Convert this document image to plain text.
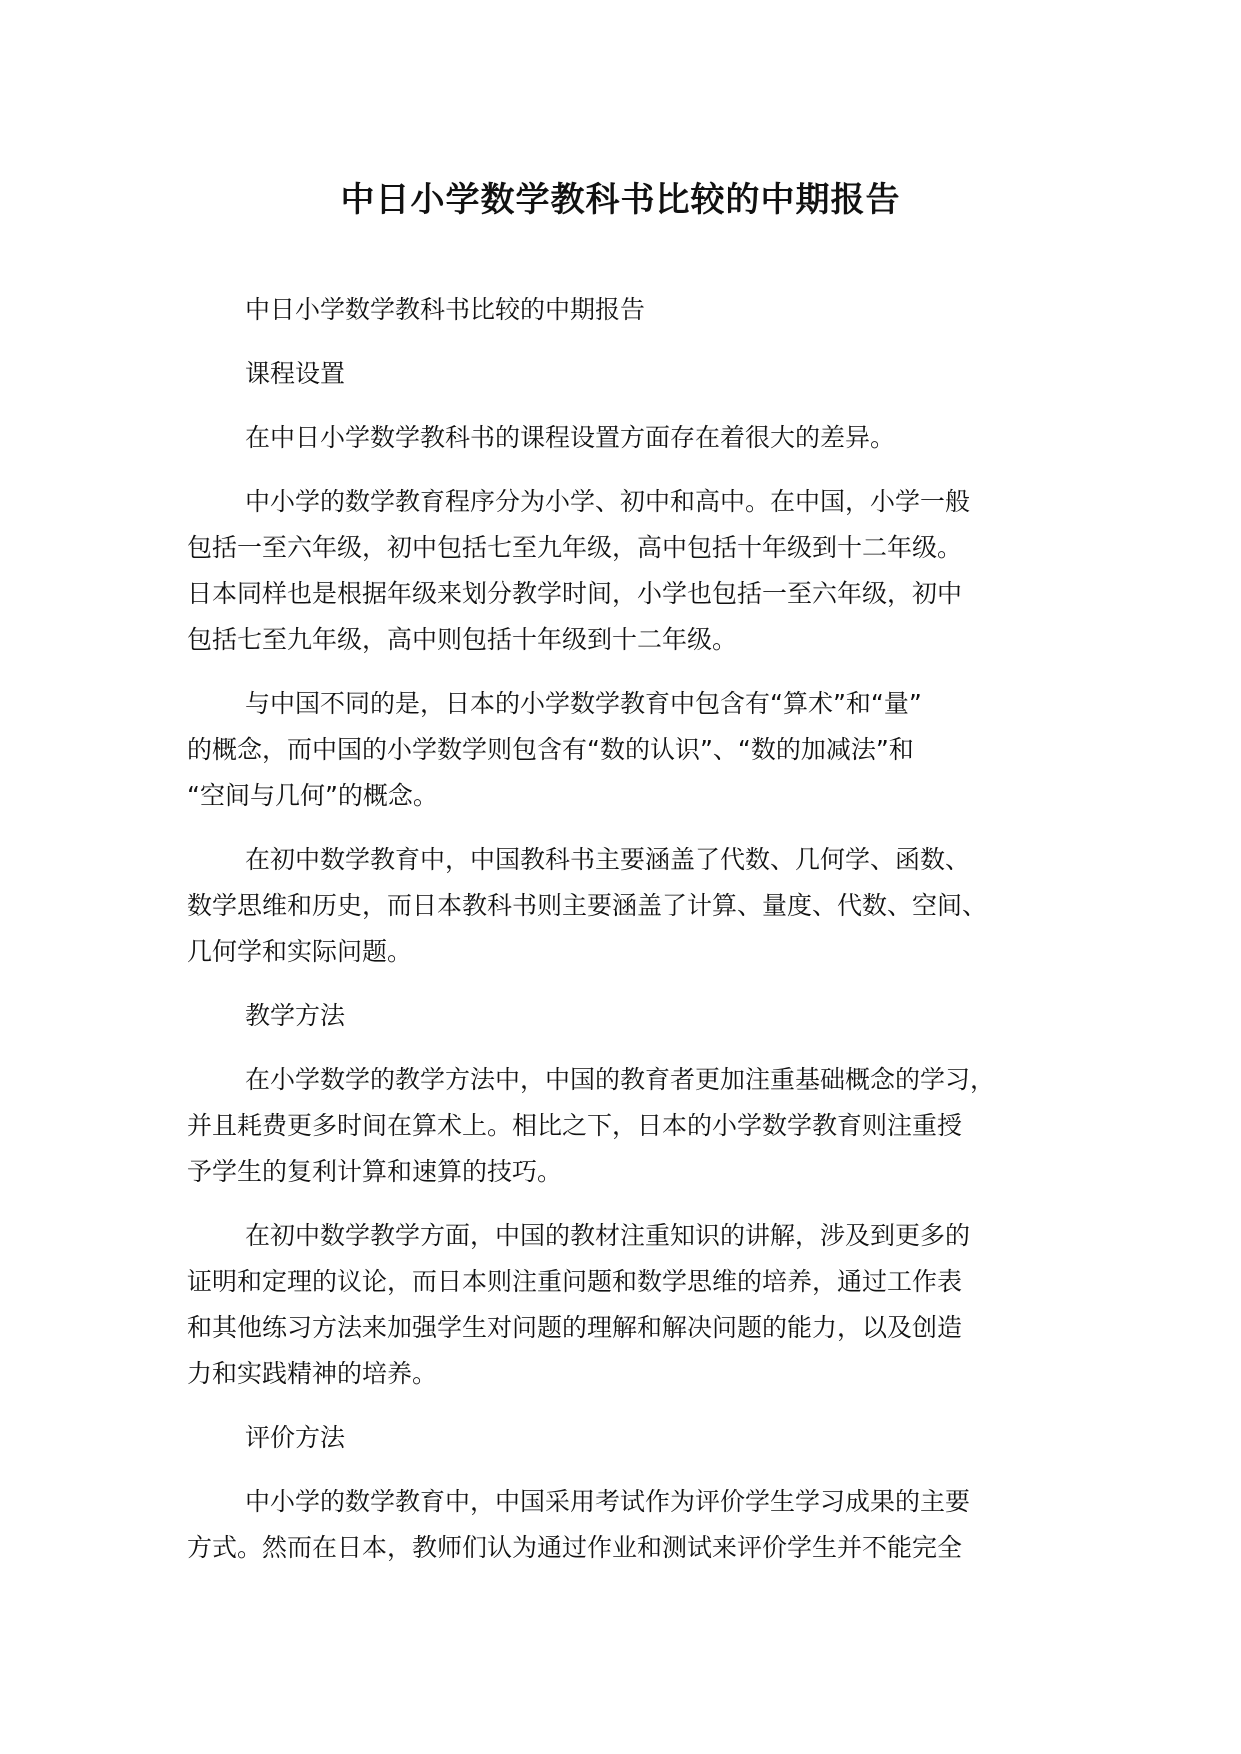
中日小学数学教科书比较的中期报告

中日小学数学教科书比较的中期报告

课程设置

在中日小学数学教科书的课程设置方面存在着很大的差异。

中小学的数学教育程序分为小学、初中和高中。在中国，小学一般
包括一至六年级，初中包括七至九年级，高中包括十年级到十二年级。
日本同样也是根据年级来划分教学时间，小学也包括一至六年级，初中
包括七至九年级，高中则包括十年级到十二年级。

与中国不同的是，日本的小学数学教育中包含有“算术”和“量”
的概念，而中国的小学数学则包含有“数的认识”、“数的加减法”和
“空间与几何”的概念。

在初中数学教育中，中国教科书主要涵盖了代数、几何学、函数、
数学思维和历史，而日本教科书则主要涵盖了计算、量度、代数、空间、
几何学和实际问题。

教学方法

在小学数学的教学方法中，中国的教育者更加注重基础概念的学习，
并且耗费更多时间在算术上。相比之下，日本的小学数学教育则注重授
予学生的复利计算和速算的技巧。

在初中数学教学方面，中国的教材注重知识的讲解，涉及到更多的
证明和定理的议论，而日本则注重问题和数学思维的培养，通过工作表
和其他练习方法来加强学生对问题的理解和解决问题的能力，以及创造
力和实践精神的培养。

评价方法

中小学的数学教育中，中国采用考试作为评价学生学习成果的主要
方式。然而在日本，教师们认为通过作业和测试来评价学生并不能完全
